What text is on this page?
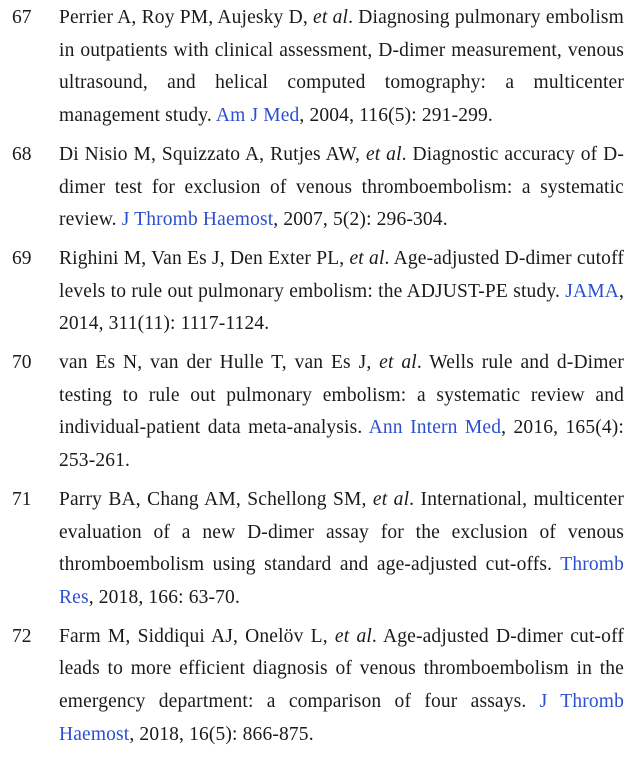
67 Perrier A, Roy PM, Aujesky D, et al. Diagnosing pulmonary embolism in outpatients with clinical assessment, D-dimer measurement, venous ultrasound, and helical computed tomography: a multicenter management study. Am J Med, 2004, 116(5): 291-299.
68 Di Nisio M, Squizzato A, Rutjes AW, et al. Diagnostic accuracy of D-dimer test for exclusion of venous thromboembolism: a systematic review. J Thromb Haemost, 2007, 5(2): 296-304.
69 Righini M, Van Es J, Den Exter PL, et al. Age-adjusted D-dimer cutoff levels to rule out pulmonary embolism: the ADJUST-PE study. JAMA, 2014, 311(11): 1117-1124.
70 van Es N, van der Hulle T, van Es J, et al. Wells rule and d-Dimer testing to rule out pulmonary embolism: a systematic review and individual-patient data meta-analysis. Ann Intern Med, 2016, 165(4): 253-261.
71 Parry BA, Chang AM, Schellong SM, et al. International, multicenter evaluation of a new D-dimer assay for the exclusion of venous thromboembolism using standard and age-adjusted cut-offs. Thromb Res, 2018, 166: 63-70.
72 Farm M, Siddiqui AJ, Onelöv L, et al. Age-adjusted D-dimer cut-off leads to more efficient diagnosis of venous thromboembolism in the emergency department: a comparison of four assays. J Thromb Haemost, 2018, 16(5): 866-875.
